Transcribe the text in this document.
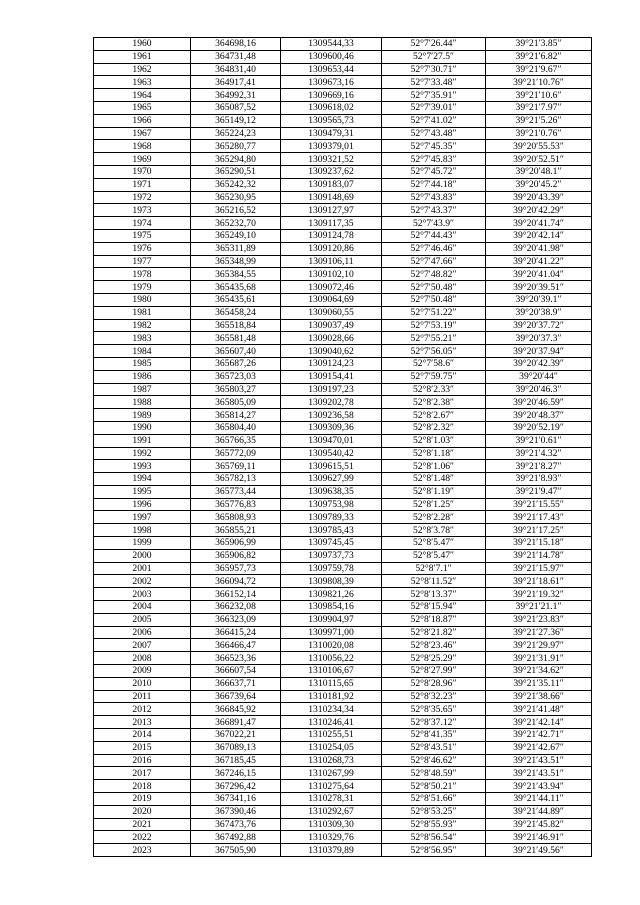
1960	364698,16	1309544,33	52°7′26.44″	39°21′3.85″
1961	364731,48	1309600,46	52°7′27.5″	39°21′6.82″
1962	364831,40	1309653,44	52°7′30.71″	39°21′9.67″
1963	364917,41	1309673,16	52°7′33.48″	39°21′10.76″
1964	364992,31	1309669,16	52°7′35.91″	39°21′10.6″
1965	365087,52	1309618,02	52°7′39.01″	39°21′7.97″
1966	365149,12	1309565,73	52°7′41.02″	39°21′5.26″
1967	365224,23	1309479,31	52°7′43.48″	39°21′0.76″
1968	365280,77	1309379,01	52°7′45.35″	39°20′55.53″
1969	365294,80	1309321,52	52°7′45.83″	39°20′52.51″
1970	365290,51	1309237,62	52°7′45.72″	39°20′48.1″
1971	365242,32	1309183,07	52°7′44.18″	39°20′45.2″
1972	365230,95	1309148,69	52°7′43.83″	39°20′43.39″
1973	365216,52	1309127,97	52°7′43.37″	39°20′42.29″
1974	365232,70	1309117,35	52°7′43.9″	39°20′41.74″
1975	365249,10	1309124,78	52°7′44.43″	39°20′42.14″
1976	365311,89	1309120,86	52°7′46.46″	39°20′41.98″
1977	365348,99	1309106,11	52°7′47.66″	39°20′41.22″
1978	365384,55	1309102,10	52°7′48.82″	39°20′41.04″
1979	365435,68	1309072,46	52°7′50.48″	39°20′39.51″
1980	365435,61	1309064,69	52°7′50.48″	39°20′39.1″
1981	365458,24	1309060,55	52°7′51.22″	39°20′38.9″
1982	365518,84	1309037,49	52°7′53.19″	39°20′37.72″
1983	365581,48	1309028,66	52°7′55.21″	39°20′37.3″
1984	365607,40	1309040,62	52°7′56.05″	39°20′37.94″
1985	365687,26	1309124,23	52°7′58.6″	39°20′42.39″
1986	365723,03	1309154,41	52°7′59.75″	39°20′44″
1987	365803,27	1309197,23	52°8′2.33″	39°20′46.3″
1988	365805,09	1309202,78	52°8′2.38″	39°20′46.59″
1989	365814,27	1309236,58	52°8′2.67″	39°20′48.37″
1990	365804,40	1309309,36	52°8′2.32″	39°20′52.19″
1991	365766,35	1309470,01	52°8′1.03″	39°21′0.61″
1992	365772,09	1309540,42	52°8′1.18″	39°21′4.32″
1993	365769,11	1309615,51	52°8′1.06″	39°21′8.27″
1994	365782,13	1309627,99	52°8′1.48″	39°21′8.93″
1995	365773,44	1309638,35	52°8′1.19″	39°21′9.47″
1996	365776,83	1309753,98	52°8′1.25″	39°21′15.55″
1997	365808,93	1309789,33	52°8′2.28″	39°21′17.43″
1998	365855,21	1309785,43	52°8′3.78″	39°21′17.25″
1999	365906,99	1309745,45	52°8′5.47″	39°21′15.18″
2000	365906,82	1309737,73	52°8′5.47″	39°21′14.78″
2001	365957,73	1309759,78	52°8′7.1″	39°21′15.97″
2002	366094,72	1309808,39	52°8′11.52″	39°21′18.61″
2003	366152,14	1309821,26	52°8′13.37″	39°21′19.32″
2004	366232,08	1309854,16	52°8′15.94″	39°21′21.1″
2005	366323,09	1309904,97	52°8′18.87″	39°21′23.83″
2006	366415,24	1309971,00	52°8′21.82″	39°21′27.36″
2007	366466,47	1310020,08	52°8′23.46″	39°21′29.97″
2008	366523,36	1310056,22	52°8′25.29″	39°21′31.91″
2009	366607,54	1310106,67	52°8′27.99″	39°21′34.62″
2010	366637,71	1310115,65	52°8′28.96″	39°21′35.11″
2011	366739,64	1310181,92	52°8′32.23″	39°21′38.66″
2012	366845,92	1310234,34	52°8′35.65″	39°21′41.48″
2013	366891,47	1310246,41	52°8′37.12″	39°21′42.14″
2014	367022,21	1310255,51	52°8′41.35″	39°21′42.71″
2015	367089,13	1310254,05	52°8′43.51″	39°21′42.67″
2016	367185,45	1310268,73	52°8′46.62″	39°21′43.51″
2017	367246,15	1310267,99	52°8′48.59″	39°21′43.51″
2018	367296,42	1310275,64	52°8′50.21″	39°21′43.94″
2019	367341,16	1310278,31	52°8′51.66″	39°21′44.11″
2020	367390,46	1310292,67	52°8′53.25″	39°21′44.89″
2021	367473,76	1310309,30	52°8′55.93″	39°21′45.82″
2022	367492,88	1310329,76	52°8′56.54″	39°21′46.91″
2023	367505,90	1310379,89	52°8′56.95″	39°21′49.56″
